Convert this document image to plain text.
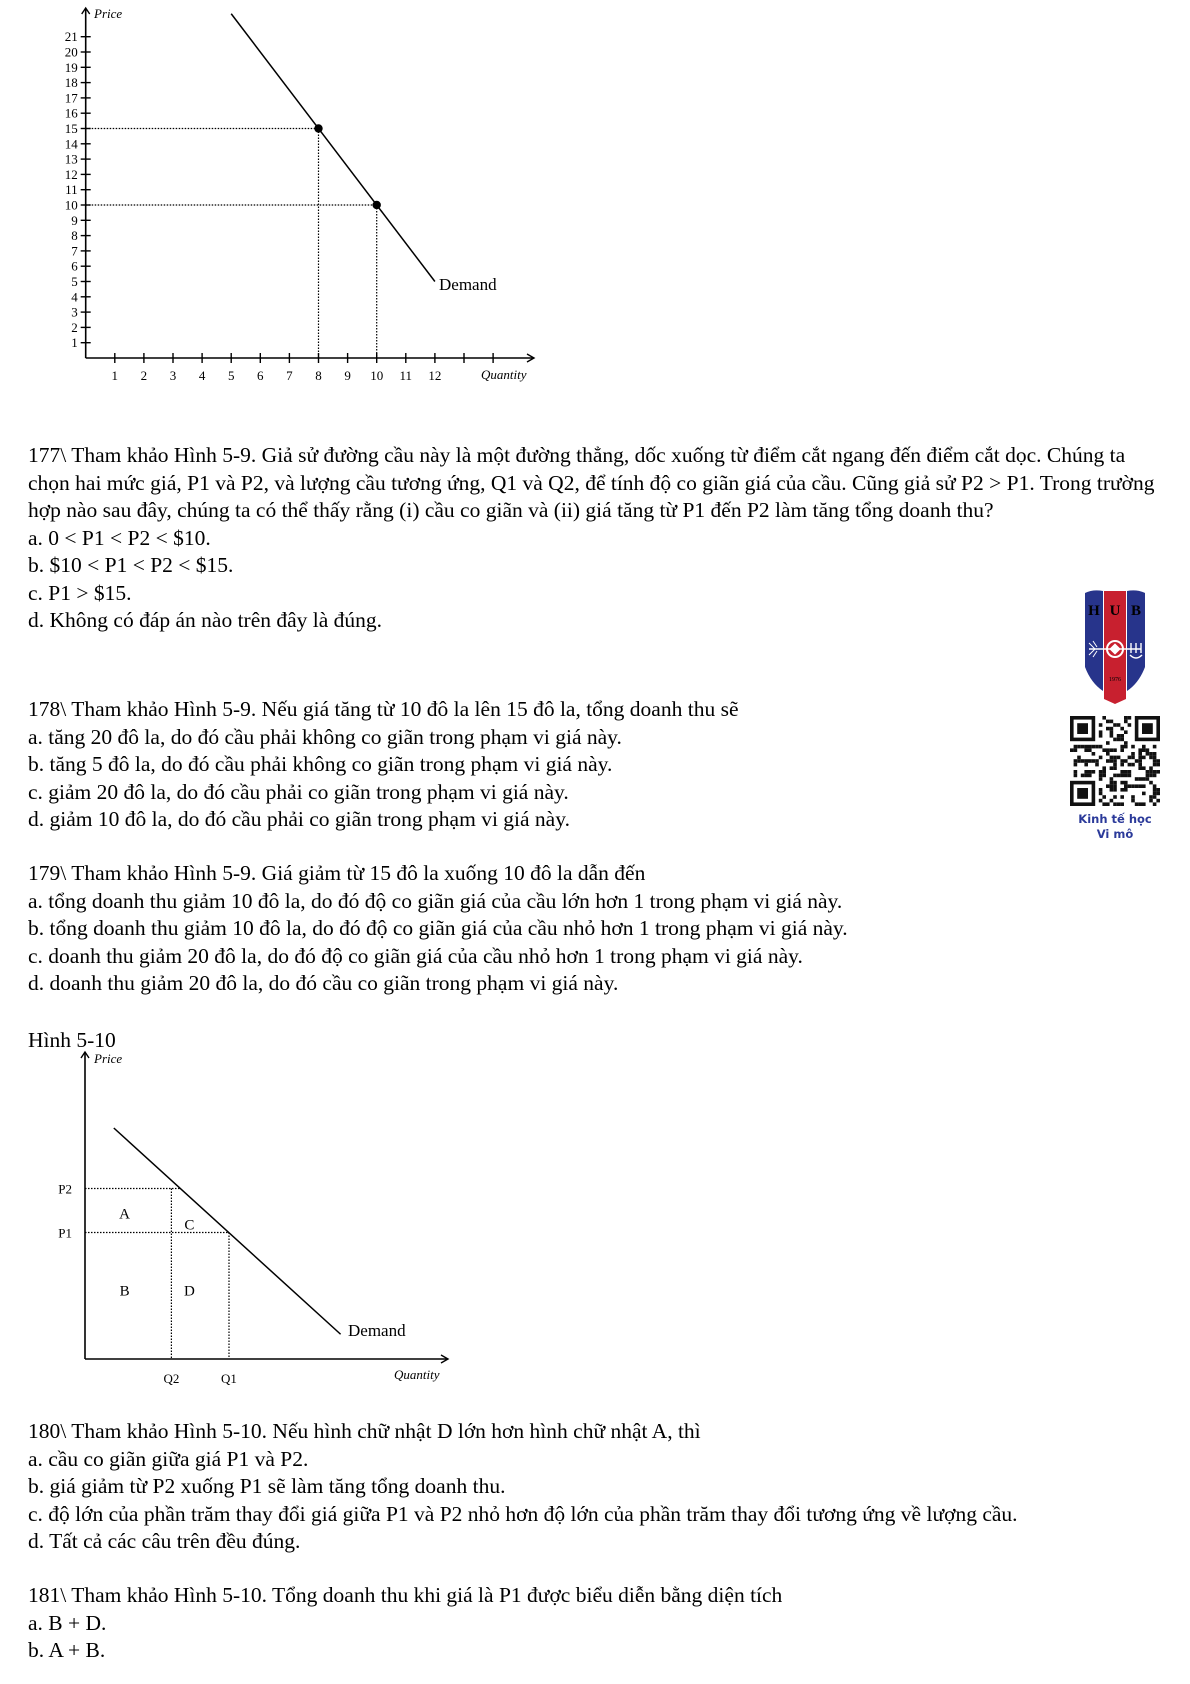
1
2
3
4
5
6
7
8
9
10
11
12
13
14
15
16
17
18
19
20
21
1 2 3 4 5 6 7 8 9 10 11 12
Price
Quantity
Demand
177\ Tham khảo Hình 5-9. Giả sử đường cầu này là một đường thẳng, dốc xuống từ điểm cắt ngang đến điểm cắt dọc. Chúng ta chọn hai mức giá, P1 và P2, và lượng cầu tương ứng, Q1 và Q2, để tính độ co giãn giá của cầu. Cũng giả sử P2 > P1. Trong trường hợp nào sau đây, chúng ta có thể thấy rằng (i) cầu co giãn và (ii) giá tăng từ P1 đến P2 làm tăng tổng doanh thu?
a. 0 < P1 < P2 < $10.
b. $10 < P1 < P2 < $15.
c. P1 > $15.
d. Không có đáp án nào trên đây là đúng.
178\ Tham khảo Hình 5-9. Nếu giá tăng từ 10 đô la lên 15 đô la, tổng doanh thu sẽ
a. tăng 20 đô la, do đó cầu phải không co giãn trong phạm vi giá này.
b. tăng 5 đô la, do đó cầu phải không co giãn trong phạm vi giá này.
c. giảm 20 đô la, do đó cầu phải co giãn trong phạm vi giá này.
d. giảm 10 đô la, do đó cầu phải co giãn trong phạm vi giá này.
179\ Tham khảo Hình 5-9. Giá giảm từ 15 đô la xuống 10 đô la dẫn đến
a. tổng doanh thu giảm 10 đô la, do đó độ co giãn giá của cầu lớn hơn 1 trong phạm vi giá này.
b. tổng doanh thu giảm 10 đô la, do đó độ co giãn giá của cầu nhỏ hơn 1 trong phạm vi giá này.
c. doanh thu giảm 20 đô la, do đó độ co giãn giá của cầu nhỏ hơn 1 trong phạm vi giá này.
d. doanh thu giảm 20 đô la, do đó cầu co giãn trong phạm vi giá này.
Hình 5-10
P2
P1
Q2	Q1
A
C
B	D
Price
Quantity
Demand
180\ Tham khảo Hình 5-10. Nếu hình chữ nhật D lớn hơn hình chữ nhật A, thì
a. cầu co giãn giữa giá P1 và P2.
b. giá giảm từ P2 xuống P1 sẽ làm tăng tổng doanh thu.
c. độ lớn của phần trăm thay đổi giá giữa P1 và P2 nhỏ hơn độ lớn của phần trăm thay đổi tương ứng về lượng cầu.
d. Tất cả các câu trên đều đúng.
181\ Tham khảo Hình 5-10. Tổng doanh thu khi giá là P1 được biểu diễn bằng diện tích
a. B + D.
b. A + B.
H U B
1976
Kinh tế học
Vi mô
